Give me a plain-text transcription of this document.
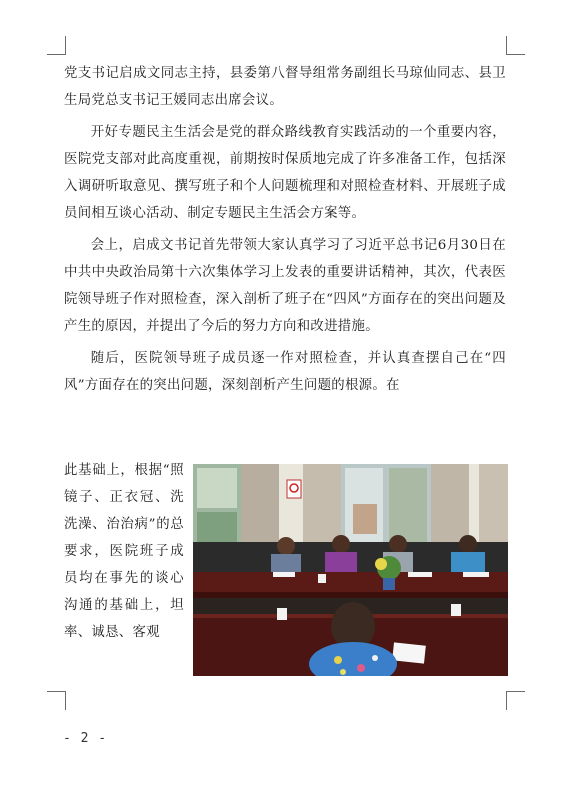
党支书记启成文同志主持，县委第八督导组常务副组长马琼仙同志、县卫生局党总支书记王媛同志出席会议。

开好专题民主生活会是党的群众路线教育实践活动的一个重要内容，医院党支部对此高度重视，前期按时保质地完成了许多准备工作，包括深入调研听取意见、撰写班子和个人问题梳理和对照检查材料、开展班子成员间相互谈心活动、制定专题民主生活会方案等。

会上，启成文书记首先带领大家认真学习了习近平总书记6月30日在中共中央政治局第十六次集体学习上发表的重要讲话精神，其次，代表医院领导班子作对照检查，深入剖析了班子在“四风”方面存在的突出问题及产生的原因，并提出了今后的努力方向和改进措施。

随后，医院领导班子成员逐一作对照检查，并认真查摆自己在“四风”方面存在的突出问题，深刻剖析产生问题的根源。在

此基础上，根据“照镜子、正衣冠、洗洗澡、治治病”的总要求，医院班子成员均在事先的谈心沟通的基础上，坦率、诚恳、客观
- 2 -
